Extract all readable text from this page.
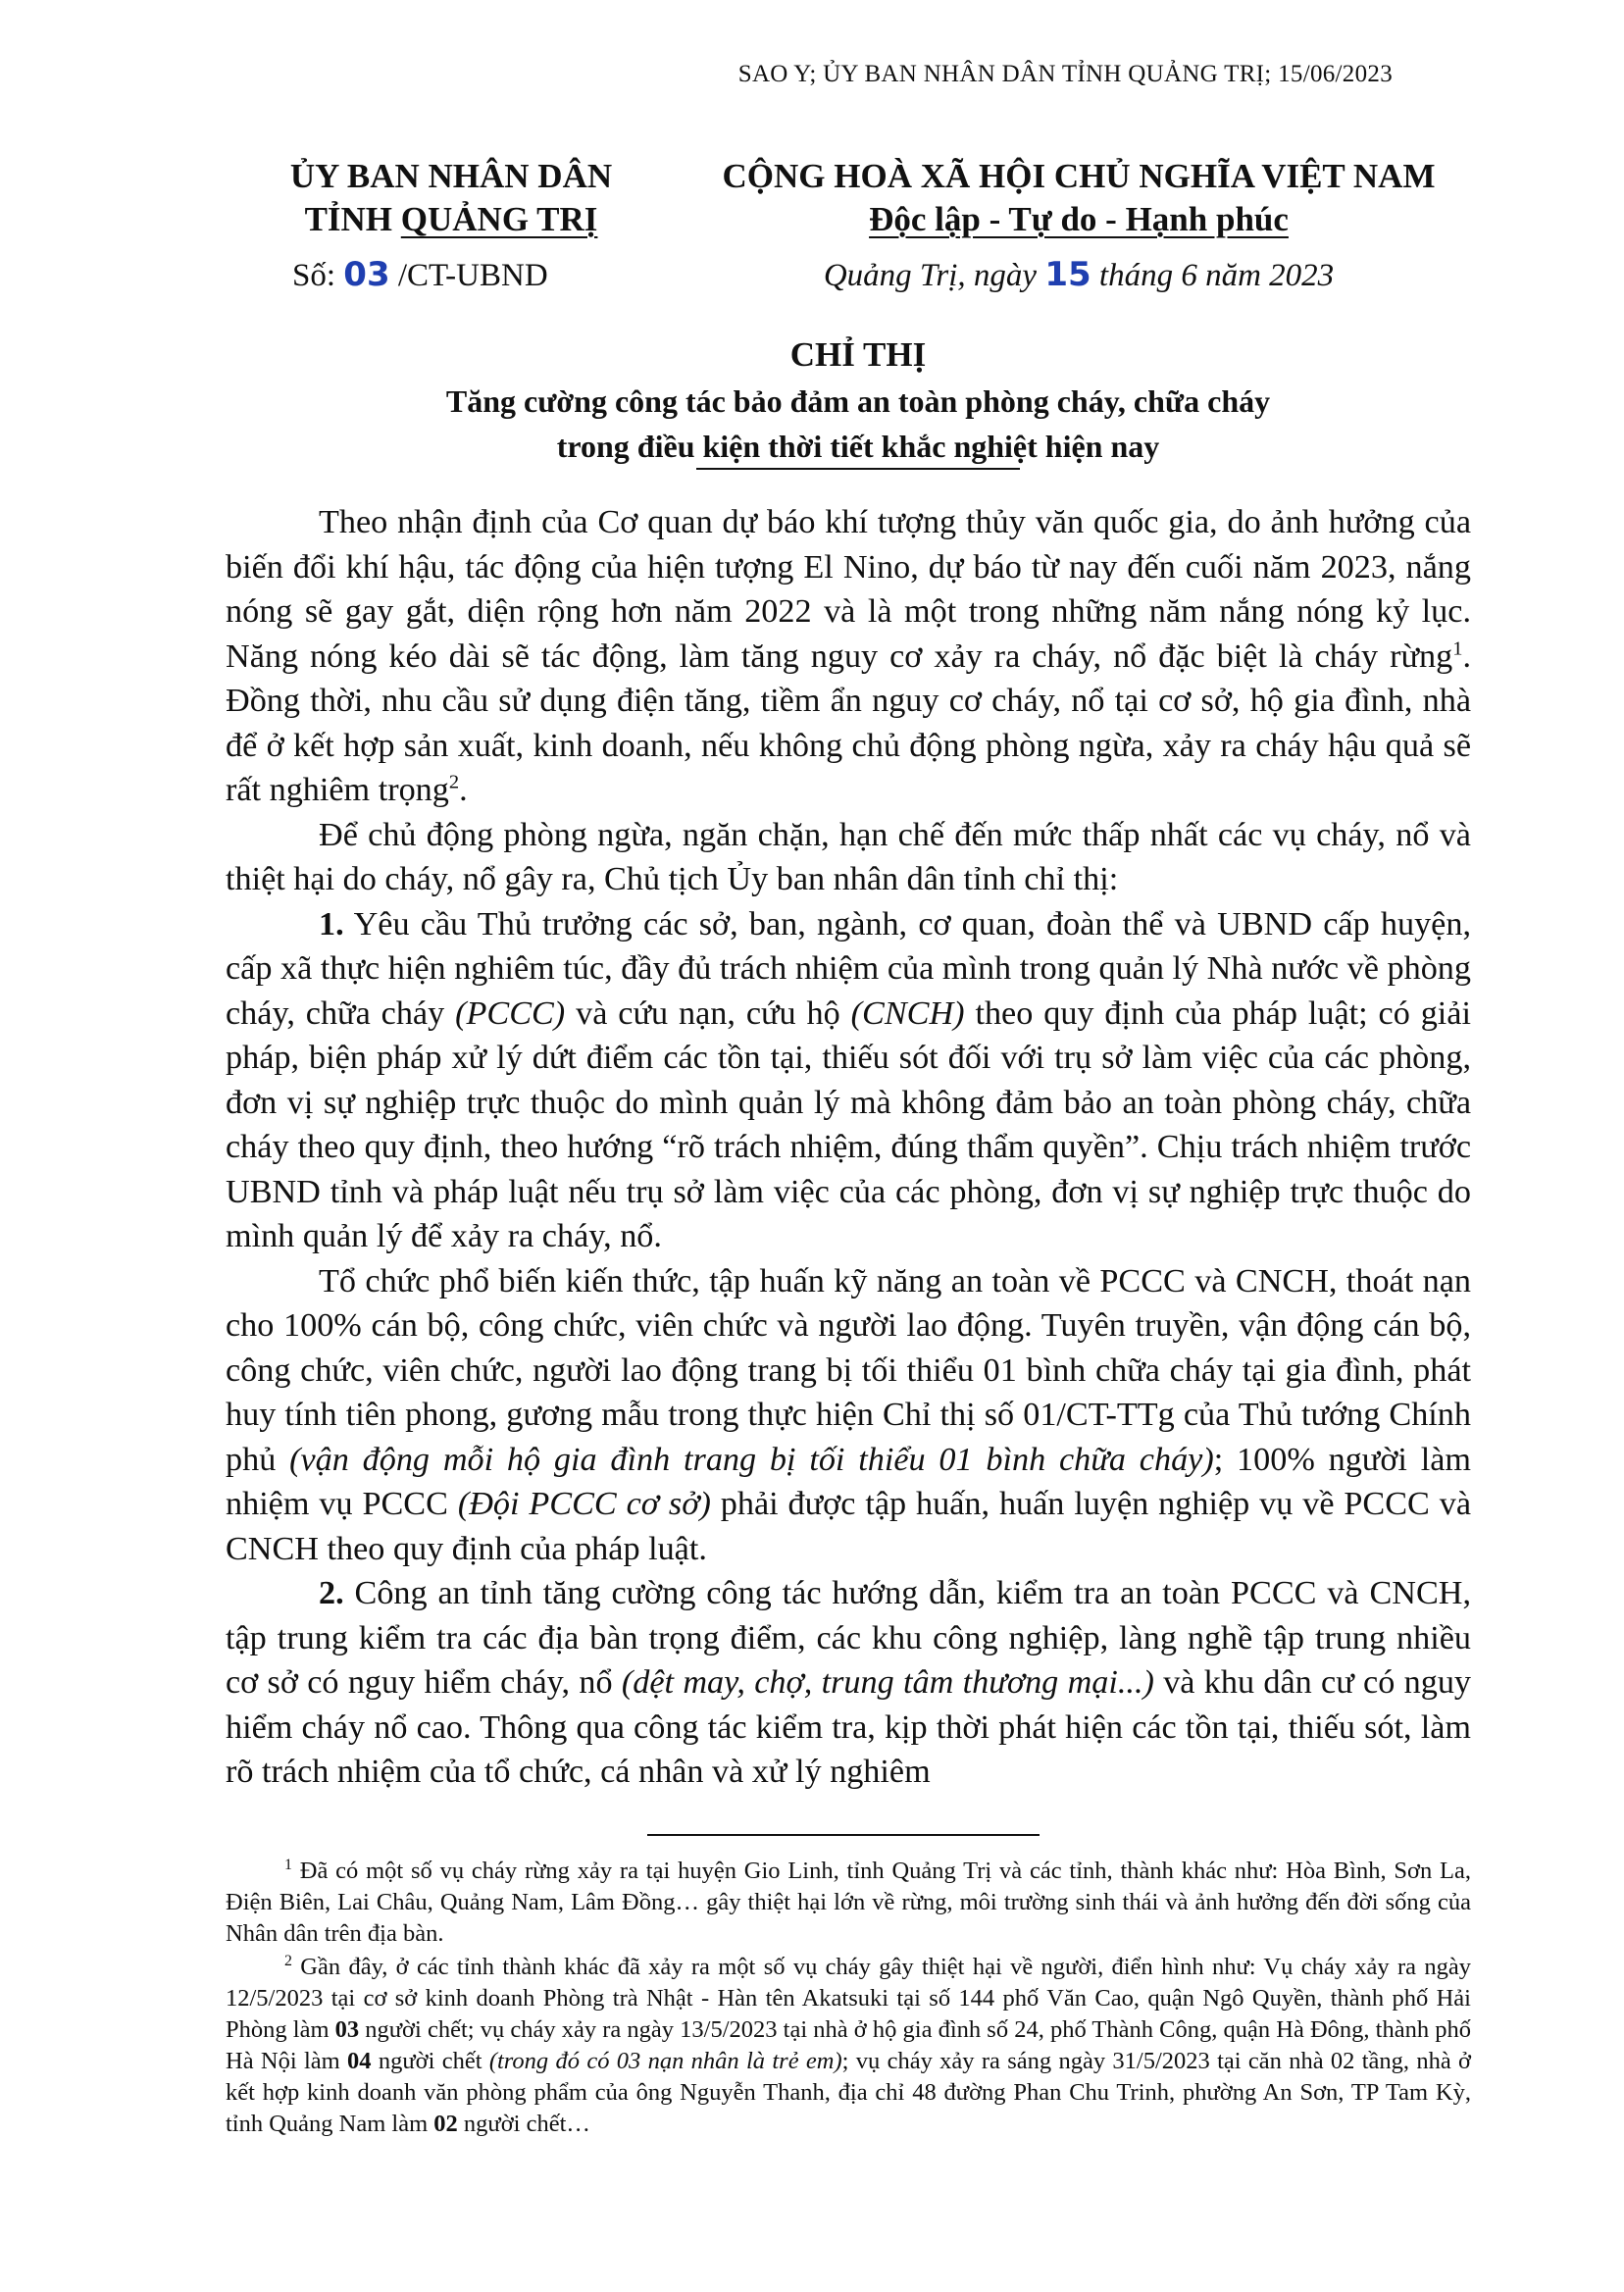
SAO Y; ỦY BAN NHÂN DÂN TỈNH QUẢNG TRỊ; 15/06/2023
ỦY BAN NHÂN DÂN
TỈNH QUẢNG TRỊ
CỘNG HOÀ XÃ HỘI CHỦ NGHĨA VIỆT NAM
Độc lập - Tự do - Hạnh phúc
Số: 03 /CT-UBND	Quảng Trị, ngày 15 tháng 6 năm 2023
CHỈ THỊ
Tăng cường công tác bảo đảm an toàn phòng cháy, chữa cháy
trong điều kiện thời tiết khắc nghiệt hiện nay

Theo nhận định của Cơ quan dự báo khí tượng thủy văn quốc gia, do ảnh hưởng của biến đổi khí hậu, tác động của hiện tượng El Nino, dự báo từ nay đến cuối năm 2023, nắng nóng sẽ gay gắt, diện rộng hơn năm 2022 và là một trong những năm nắng nóng kỷ lục. Năng nóng kéo dài sẽ tác động, làm tăng nguy cơ xảy ra cháy, nổ đặc biệt là cháy rừng$^1$. Đồng thời, nhu cầu sử dụng điện tăng, tiềm ẩn nguy cơ cháy, nổ tại cơ sở, hộ gia đình, nhà để ở kết hợp sản xuất, kinh doanh, nếu không chủ động phòng ngừa, xảy ra cháy hậu quả sẽ rất nghiêm trọng$^2$.

Để chủ động phòng ngừa, ngăn chặn, hạn chế đến mức thấp nhất các vụ cháy, nổ và thiệt hại do cháy, nổ gây ra, Chủ tịch Ủy ban nhân dân tỉnh chỉ thị:

1. Yêu cầu Thủ trưởng các sở, ban, ngành, cơ quan, đoàn thể và UBND cấp huyện, cấp xã thực hiện nghiêm túc, đầy đủ trách nhiệm của mình trong quản lý Nhà nước về phòng cháy, chữa cháy (PCCC) và cứu nạn, cứu hộ (CNCH) theo quy định của pháp luật; có giải pháp, biện pháp xử lý dứt điểm các tồn tại, thiếu sót đối với trụ sở làm việc của các phòng, đơn vị sự nghiệp trực thuộc do mình quản lý mà không đảm bảo an toàn phòng cháy, chữa cháy theo quy định, theo hướng “rõ trách nhiệm, đúng thẩm quyền”. Chịu trách nhiệm trước UBND tỉnh và pháp luật nếu trụ sở làm việc của các phòng, đơn vị sự nghiệp trực thuộc do mình quản lý để xảy ra cháy, nổ.

Tổ chức phổ biến kiến thức, tập huấn kỹ năng an toàn về PCCC và CNCH, thoát nạn cho 100% cán bộ, công chức, viên chức và người lao động. Tuyên truyền, vận động cán bộ, công chức, viên chức, người lao động trang bị tối thiểu 01 bình chữa cháy tại gia đình, phát huy tính tiên phong, gương mẫu trong thực hiện Chỉ thị số 01/CT-TTg của Thủ tướng Chính phủ (vận động mỗi hộ gia đình trang bị tối thiểu 01 bình chữa cháy); 100% người làm nhiệm vụ PCCC (Đội PCCC cơ sở) phải được tập huấn, huấn luyện nghiệp vụ về PCCC và CNCH theo quy định của pháp luật.

2. Công an tỉnh tăng cường công tác hướng dẫn, kiểm tra an toàn PCCC và CNCH, tập trung kiểm tra các địa bàn trọng điểm, các khu công nghiệp, làng nghề tập trung nhiều cơ sở có nguy hiểm cháy, nổ (dệt may, chợ, trung tâm thương mại...) và khu dân cư có nguy hiểm cháy nổ cao. Thông qua công tác kiểm tra, kịp thời phát hiện các tồn tại, thiếu sót, làm rõ trách nhiệm của tổ chức, cá nhân và xử lý nghiêm

$^1$ Đã có một số vụ cháy rừng xảy ra tại huyện Gio Linh, tỉnh Quảng Trị và các tỉnh, thành khác như: Hòa Bình, Sơn La, Điện Biên, Lai Châu, Quảng Nam, Lâm Đồng… gây thiệt hại lớn về rừng, môi trường sinh thái và ảnh hưởng đến đời sống của Nhân dân trên địa bàn.

$^2$ Gần đây, ở các tỉnh thành khác đã xảy ra một số vụ cháy gây thiệt hại về người, điển hình như: Vụ cháy xảy ra ngày 12/5/2023 tại cơ sở kinh doanh Phòng trà Nhật - Hàn tên Akatsuki tại số 144 phố Văn Cao, quận Ngô Quyền, thành phố Hải Phòng làm 03 người chết; vụ cháy xảy ra ngày 13/5/2023 tại nhà ở hộ gia đình số 24, phố Thành Công, quận Hà Đông, thành phố Hà Nội làm 04 người chết (trong đó có 03 nạn nhân là trẻ em); vụ cháy xảy ra sáng ngày 31/5/2023 tại căn nhà 02 tầng, nhà ở kết hợp kinh doanh văn phòng phẩm của ông Nguyễn Thanh, địa chỉ 48 đường Phan Chu Trinh, phường An Sơn, TP Tam Kỳ, tỉnh Quảng Nam làm 02 người chết…
